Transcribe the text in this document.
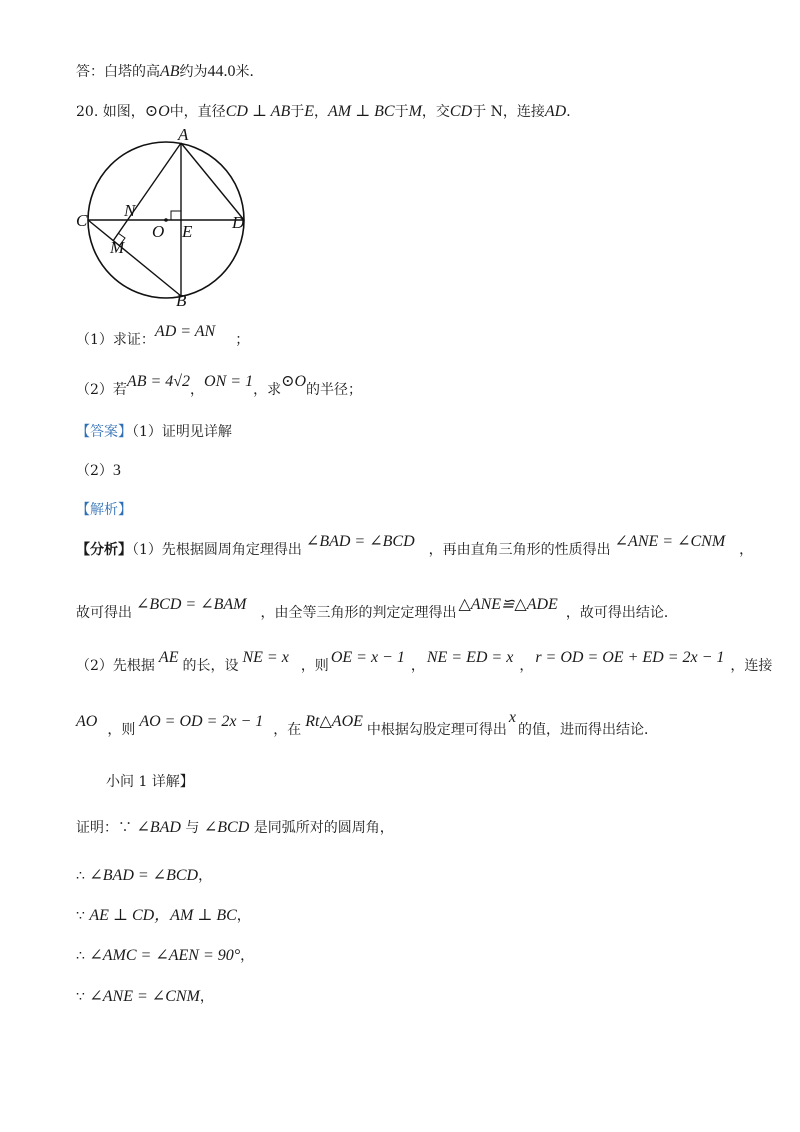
答：白塔的高AB约为44.0米．
20. 如图，⊙O中，直径CD ⊥ AB于E，AM ⊥ BC于M，交CD于 N，连接AD．
A
B
C	D
N
M
O E
（1）求证：AD = AN ；
（2）若AB = 4√2，ON = 1，求⊙O的半径；
【答案】（1）证明见详解
（2）3
【解析】
【分析】（1）先根据圆周角定理得出 ∠BAD = ∠BCD ，再由直角三角形的性质得出 ∠ANE = ∠CNM ，
故可得出 ∠BCD = ∠BAM ，由全等三角形的判定定理得出 △ANE≌△ADE ，故可得出结论．
（2）先根据 AE 的长，设 NE = x ，则 OE = x − 1 ， NE = ED = x ， r = OD = OE + ED = 2x − 1 ，连接
AO ，则 AO = OD = 2x − 1 ，在 Rt△AOE 中根据勾股定理可得出x的值，进而得出结论．
小问 1 详解】
证明：∵ ∠BAD 与 ∠BCD 是同弧所对的圆周角，
∴ ∠BAD = ∠BCD，
∵ AE ⊥ CD，AM ⊥ BC，
∴ ∠AMC = ∠AEN = 90°，
∵ ∠ANE = ∠CNM，
